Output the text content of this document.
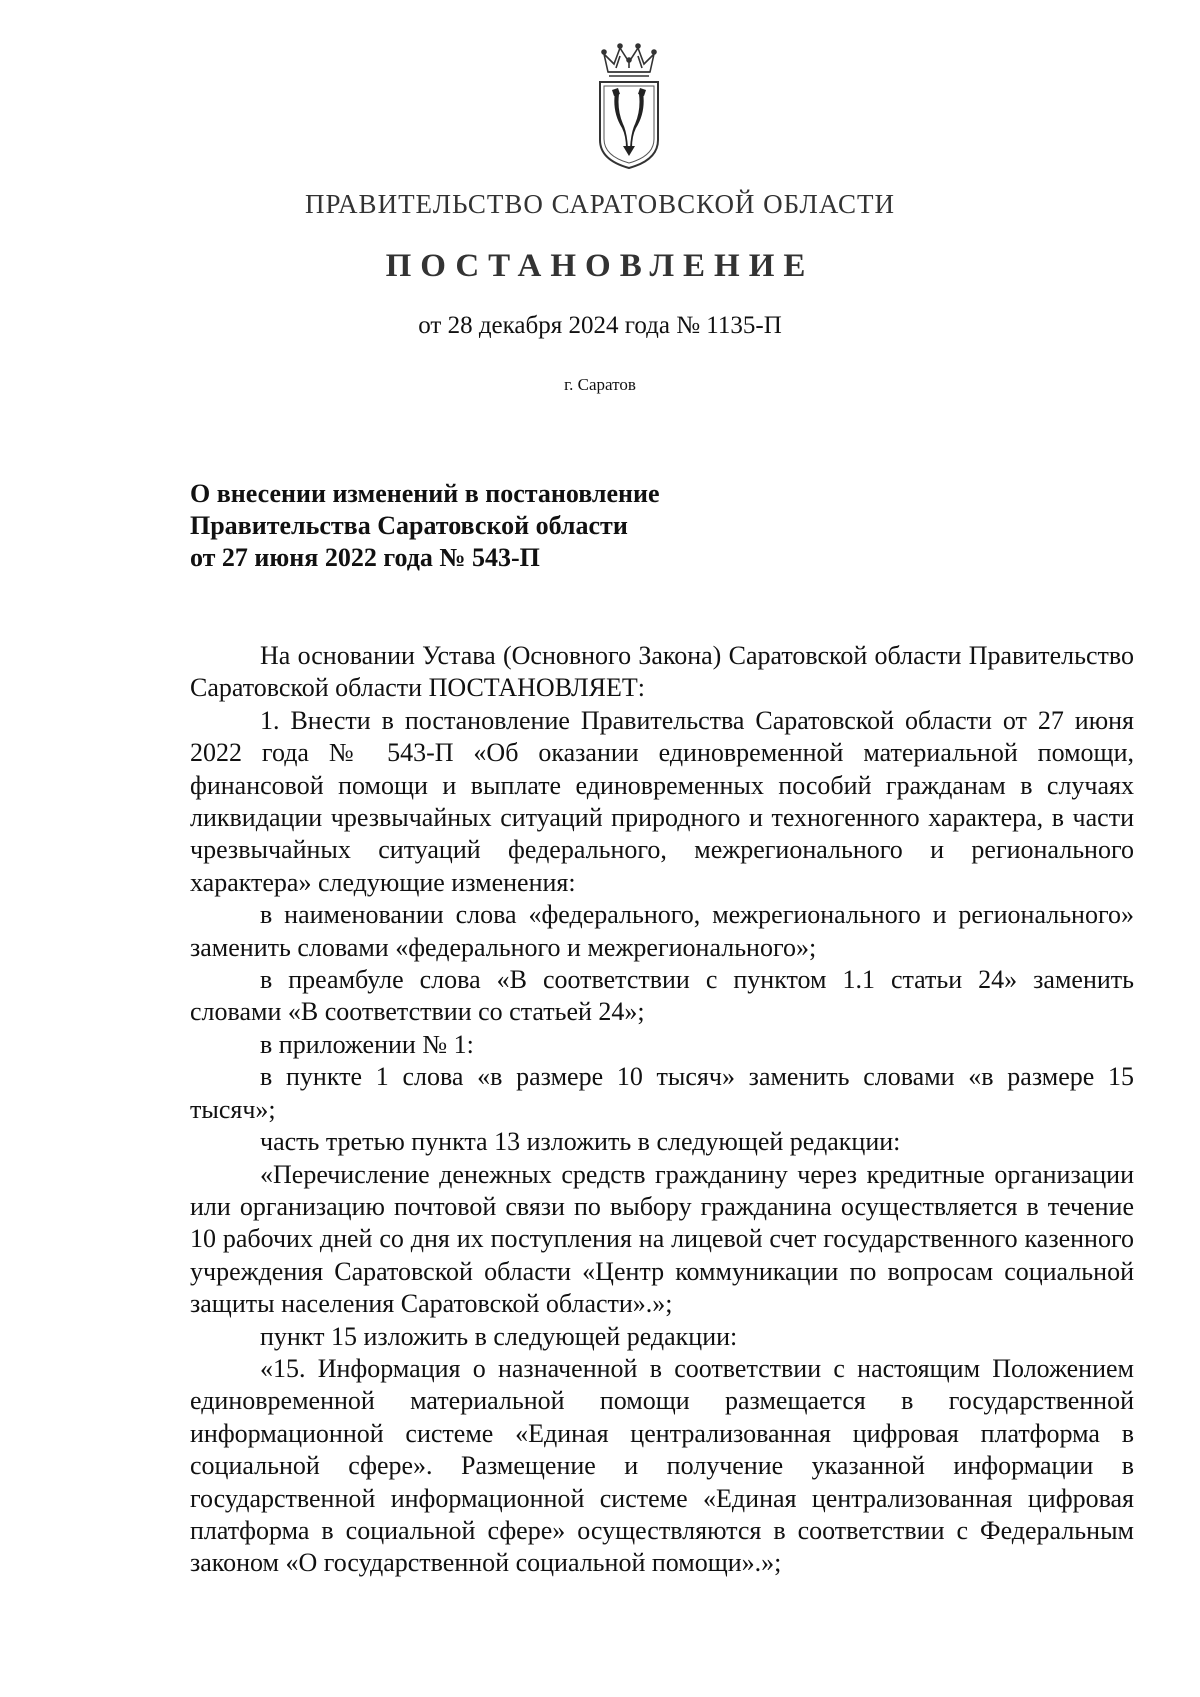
ПРАВИТЕЛЬСТВО САРАТОВСКОЙ ОБЛАСТИ
ПОСТАНОВЛЕНИЕ
от 28 декабря 2024 года № 1135-П
г. Саратов
О внесении изменений в постановление
Правительства Саратовской области
от 27 июня 2022 года № 543-П

На основании Устава (Основного Закона) Саратовской области Правительство Саратовской области ПОСТАНОВЛЯЕТ:

1. Внести в постановление Правительства Саратовской области от 27 июня 2022 года № 543-П «Об оказании единовременной материальной помощи, финансовой помощи и выплате единовременных пособий гражданам в случаях ликвидации чрезвычайных ситуаций природного и техногенного характера, в части чрезвычайных ситуаций федерального, межрегионального и регионального характера» следующие изменения:

в наименовании слова «федерального, межрегионального и регионального» заменить словами «федерального и межрегионального»;

в преамбуле слова «В соответствии с пунктом 1.1 статьи 24» заменить словами «В соответствии со статьей 24»;

в приложении № 1:

в пункте 1 слова «в размере 10 тысяч» заменить словами «в размере 15 тысяч»;

часть третью пункта 13 изложить в следующей редакции:

«Перечисление денежных средств гражданину через кредитные организации или организацию почтовой связи по выбору гражданина осуществляется в течение 10 рабочих дней со дня их поступления на лицевой счет государственного казенного учреждения Саратовской области «Центр коммуникации по вопросам социальной защиты населения Саратовской области».»;

пункт 15 изложить в следующей редакции:

«15. Информация о назначенной в соответствии с настоящим Положением единовременной материальной помощи размещается в государственной информационной системе «Единая централизованная цифровая платформа в социальной сфере». Размещение и получение указанной информации в государственной информационной системе «Единая централизованная цифровая платформа в социальной сфере» осуществляются в соответствии с Федеральным законом «О государственной социальной помощи».»;
